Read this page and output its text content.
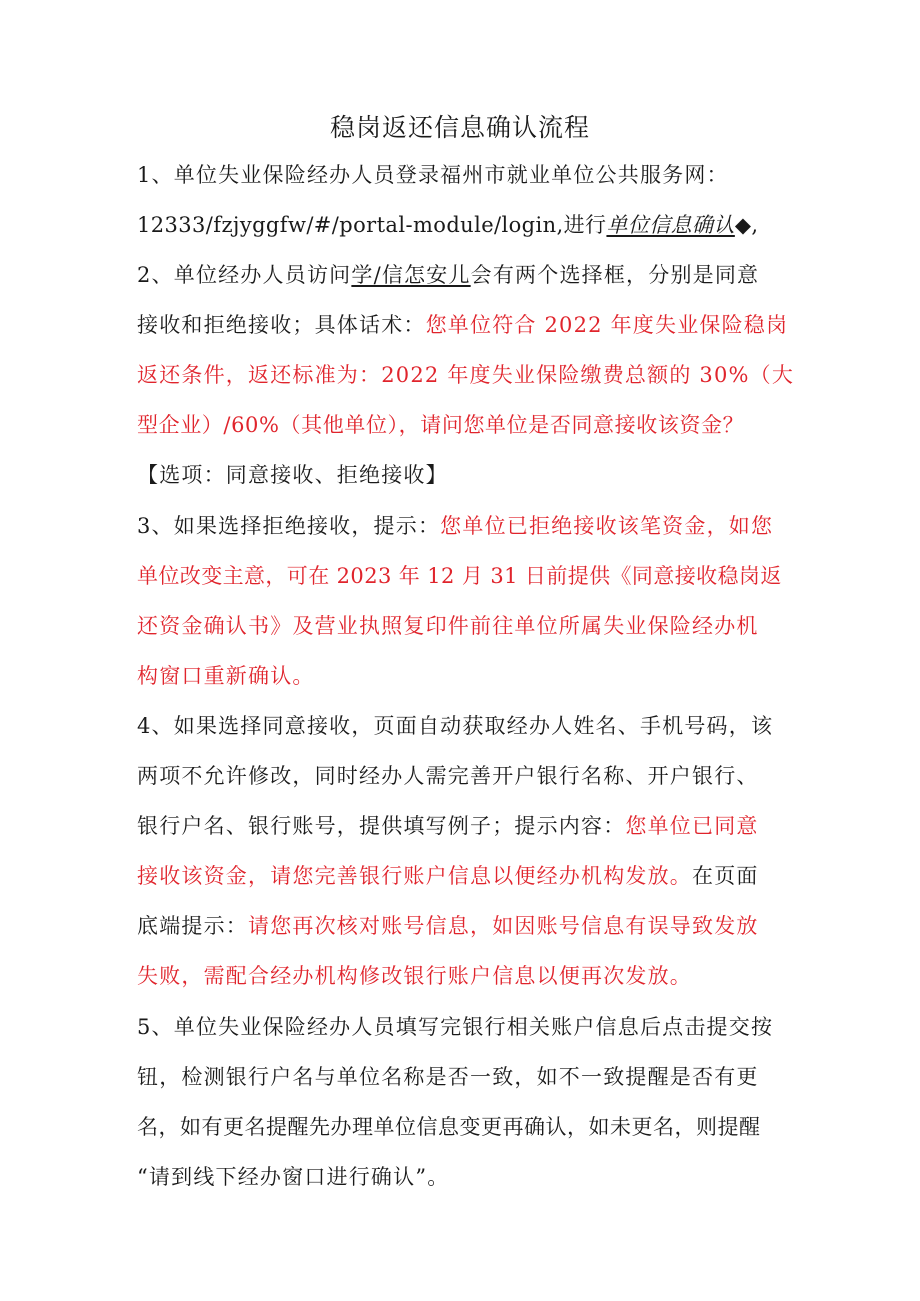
稳岗返还信息确认流程
1、单位失业保险经办人员登录福州市就业单位公共服务网：
12333/fzjyggfw/#/portal-module/login,进行单位信息确认◆,
2、单位经办人员访问学/信怎安儿会有两个选择框，分别是同意
接收和拒绝接收；具体话术：您单位符合 2022 年度失业保险稳岗
返还条件，返还标准为：2022 年度失业保险缴费总额的 30%（大
型企业）/60%（其他单位），请问您单位是否同意接收该资金？
【选项：同意接收、拒绝接收】
3、如果选择拒绝接收，提示：您单位已拒绝接收该笔资金，如您
单位改变主意，可在 2023 年 12 月 31 日前提供《同意接收稳岗返
还资金确认书》及营业执照复印件前往单位所属失业保险经办机
构窗口重新确认。
4、如果选择同意接收，页面自动获取经办人姓名、手机号码，该
两项不允许修改，同时经办人需完善开户银行名称、开户银行、
银行户名、银行账号，提供填写例子；提示内容：您单位已同意
接收该资金，请您完善银行账户信息以便经办机构发放。在页面
底端提示：请您再次核对账号信息，如因账号信息有误导致发放
失败，需配合经办机构修改银行账户信息以便再次发放。
5、单位失业保险经办人员填写完银行相关账户信息后点击提交按
钮，检测银行户名与单位名称是否一致，如不一致提醒是否有更
名，如有更名提醒先办理单位信息变更再确认，如未更名，则提醒
“请到线下经办窗口进行确认”。
